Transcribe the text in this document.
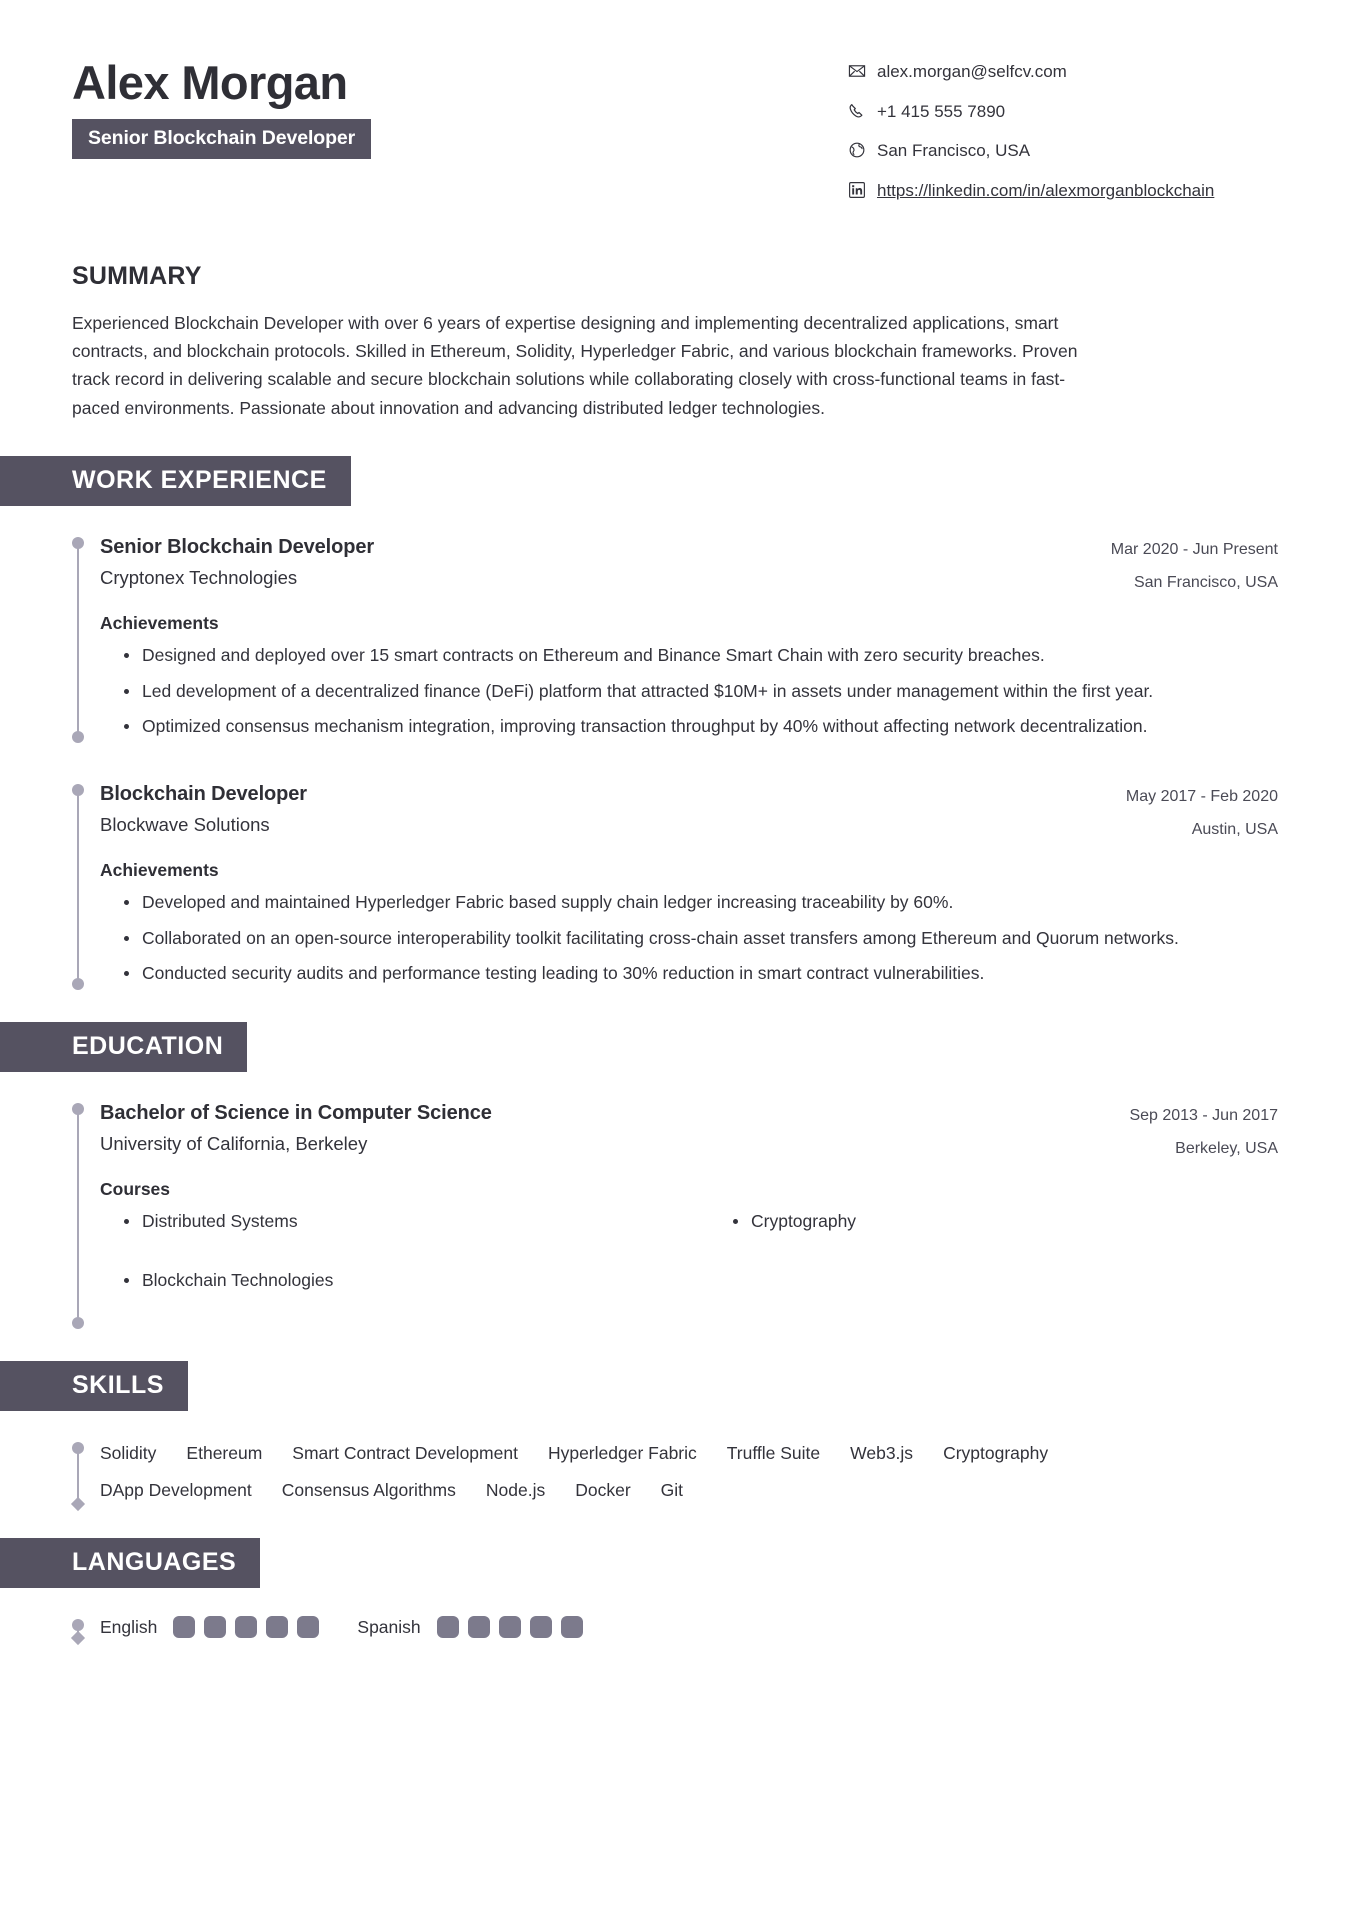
Alex Morgan
Senior Blockchain Developer
alex.morgan@selfcv.com
+1 415 555 7890
San Francisco, USA
https://linkedin.com/in/alexmorganblockchain
SUMMARY
Experienced Blockchain Developer with over 6 years of expertise designing and implementing decentralized applications, smart contracts, and blockchain protocols. Skilled in Ethereum, Solidity, Hyperledger Fabric, and various blockchain frameworks. Proven track record in delivering scalable and secure blockchain solutions while collaborating closely with cross-functional teams in fast-paced environments. Passionate about innovation and advancing distributed ledger technologies.
WORK EXPERIENCE
Senior Blockchain Developer
Cryptonex Technologies
Mar 2020 - Jun Present
San Francisco, USA
Achievements
Designed and deployed over 15 smart contracts on Ethereum and Binance Smart Chain with zero security breaches.
Led development of a decentralized finance (DeFi) platform that attracted $10M+ in assets under management within the first year.
Optimized consensus mechanism integration, improving transaction throughput by 40% without affecting network decentralization.
Blockchain Developer
Blockwave Solutions
May 2017 - Feb 2020
Austin, USA
Achievements
Developed and maintained Hyperledger Fabric based supply chain ledger increasing traceability by 60%.
Collaborated on an open-source interoperability toolkit facilitating cross-chain asset transfers among Ethereum and Quorum networks.
Conducted security audits and performance testing leading to 30% reduction in smart contract vulnerabilities.
EDUCATION
Bachelor of Science in Computer Science
University of California, Berkeley
Sep 2013 - Jun 2017
Berkeley, USA
Courses
Distributed Systems
Blockchain Technologies
Cryptography
SKILLS
Solidity Ethereum Smart Contract Development Hyperledger Fabric Truffle Suite Web3.js Cryptography
DApp Development Consensus Algorithms Node.js Docker Git
LANGUAGES
English	Spanish
